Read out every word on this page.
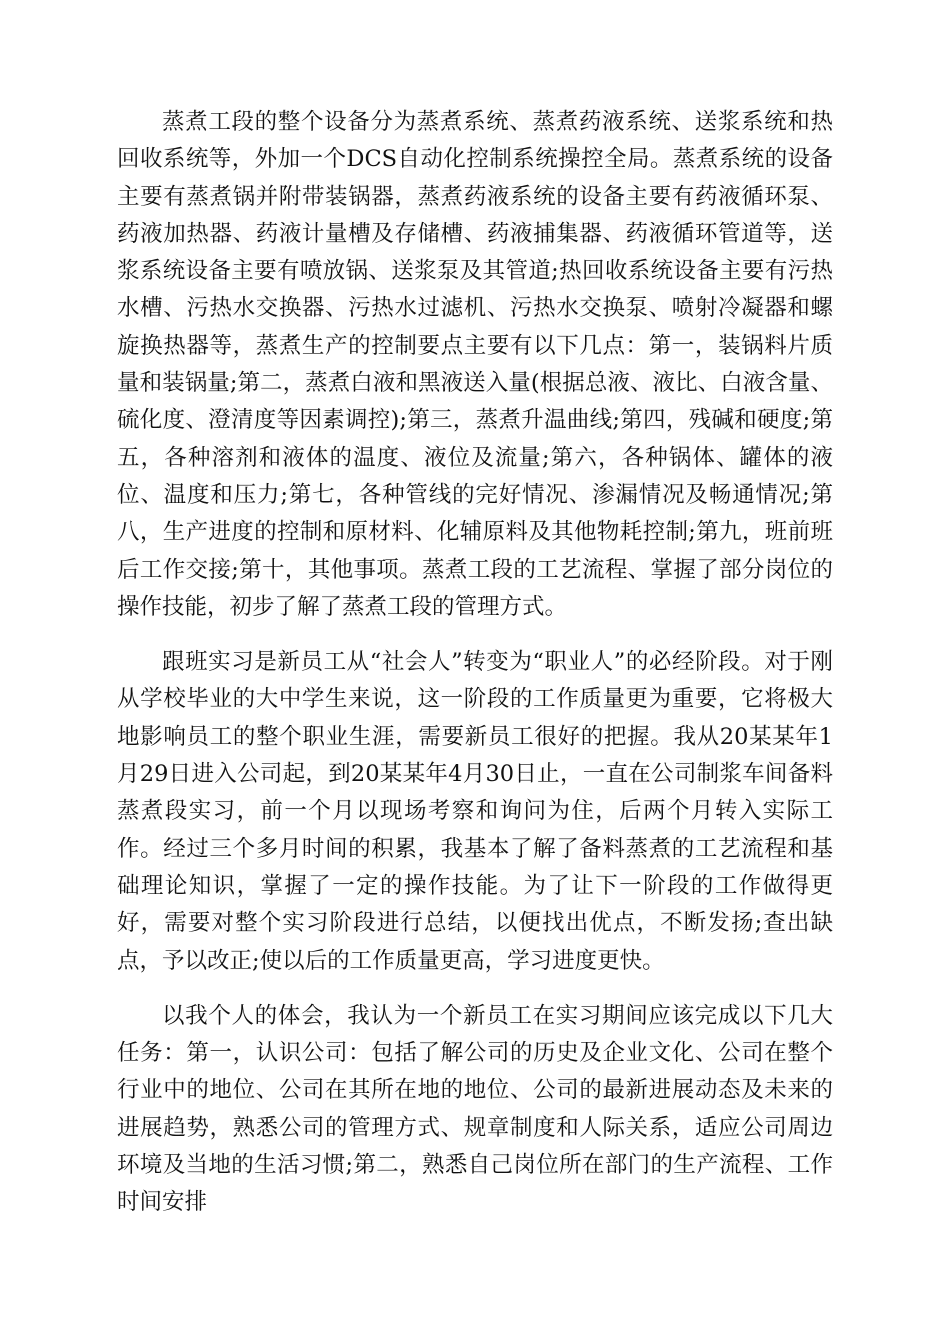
蒸煮工段的整个设备分为蒸煮系统、蒸煮药液系统、送浆系统和热回收系统等，外加一个DCS自动化控制系统操控全局。蒸煮系统的设备主要有蒸煮锅并附带装锅器，蒸煮药液系统的设备主要有药液循环泵、药液加热器、药液计量槽及存储槽、药液捕集器、药液循环管道等，送浆系统设备主要有喷放锅、送浆泵及其管道;热回收系统设备主要有污热水槽、污热水交换器、污热水过滤机、污热水交换泵、喷射冷凝器和螺旋换热器等，蒸煮生产的控制要点主要有以下几点：第一，装锅料片质量和装锅量;第二，蒸煮白液和黑液送入量(根据总液、液比、白液含量、硫化度、澄清度等因素调控);第三，蒸煮升温曲线;第四，残碱和硬度;第五，各种溶剂和液体的温度、液位及流量;第六，各种锅体、罐体的液位、温度和压力;第七，各种管线的完好情况、渗漏情况及畅通情况;第八，生产进度的控制和原材料、化辅原料及其他物耗控制;第九，班前班后工作交接;第十，其他事项。蒸煮工段的工艺流程、掌握了部分岗位的操作技能，初步了解了蒸煮工段的管理方式。

跟班实习是新员工从“社会人”转变为“职业人”的必经阶段。对于刚从学校毕业的大中学生来说，这一阶段的工作质量更为重要，它将极大地影响员工的整个职业生涯，需要新员工很好的把握。我从20某某年1月29日进入公司起，到20某某年4月30日止，一直在公司制浆车间备料蒸煮段实习，前一个月以现场考察和询问为住，后两个月转入实际工作。经过三个多月时间的积累，我基本了解了备料蒸煮的工艺流程和基础理论知识，掌握了一定的操作技能。为了让下一阶段的工作做得更好，需要对整个实习阶段进行总结，以便找出优点，不断发扬;查出缺点，予以改正;使以后的工作质量更高，学习进度更快。

以我个人的体会，我认为一个新员工在实习期间应该完成以下几大任务：第一，认识公司：包括了解公司的历史及企业文化、公司在整个行业中的地位、公司在其所在地的地位、公司的最新进展动态及未来的进展趋势，熟悉公司的管理方式、规章制度和人际关系，适应公司周边环境及当地的生活习惯;第二，熟悉自己岗位所在部门的生产流程、工作时间安排
